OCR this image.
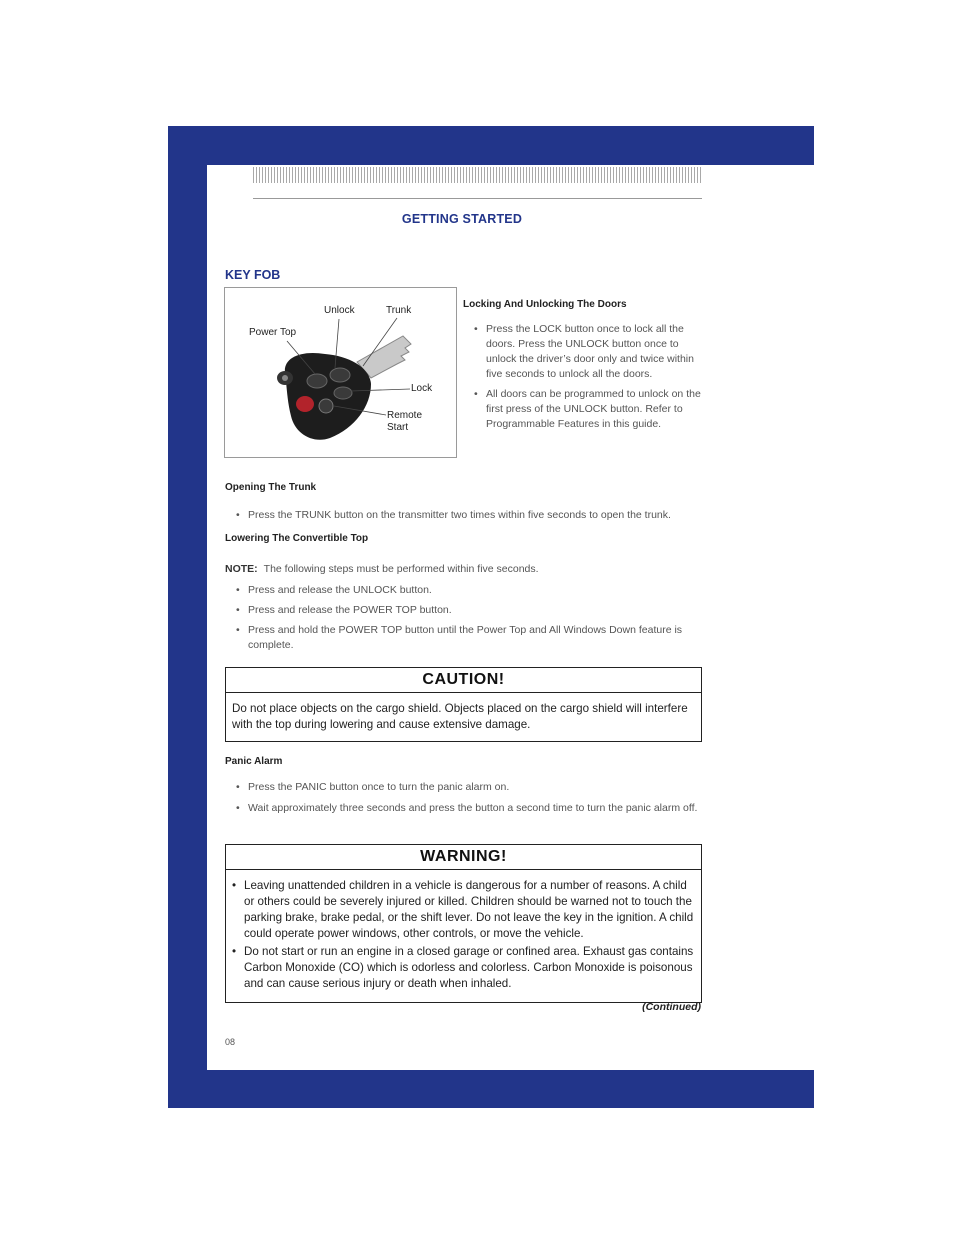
GETTING STARTED
KEY FOB
Unlock	Trunk
Power Top
Lock
Remote
Start
Locking And Unlocking The Doors
• Press the LOCK button once to lock all the doors. Press the UNLOCK button once to unlock the driver’s door only and twice within five seconds to unlock all the doors.
• All doors can be programmed to unlock on the first press of the UNLOCK button. Refer to Programmable Features in this guide.
Opening The Trunk
• Press the TRUNK button on the transmitter two times within five seconds to open the trunk.
Lowering The Convertible Top
NOTE: The following steps must be performed within five seconds.
• Press and release the UNLOCK button.
• Press and release the POWER TOP button.
• Press and hold the POWER TOP button until the Power Top and All Windows Down feature is complete.
CAUTION!
Do not place objects on the cargo shield. Objects placed on the cargo shield will interfere with the top during lowering and cause extensive damage.
Panic Alarm
• Press the PANIC button once to turn the panic alarm on.
• Wait approximately three seconds and press the button a second time to turn the panic alarm off.
WARNING!
• Leaving unattended children in a vehicle is dangerous for a number of reasons. A child or others could be severely injured or killed. Children should be warned not to touch the parking brake, brake pedal, or the shift lever. Do not leave the key in the ignition. A child could operate power windows, other controls, or move the vehicle.
• Do not start or run an engine in a closed garage or confined area. Exhaust gas contains Carbon Monoxide (CO) which is odorless and colorless. Carbon Monoxide is poisonous and can cause serious injury or death when inhaled.
(Continued)
08
